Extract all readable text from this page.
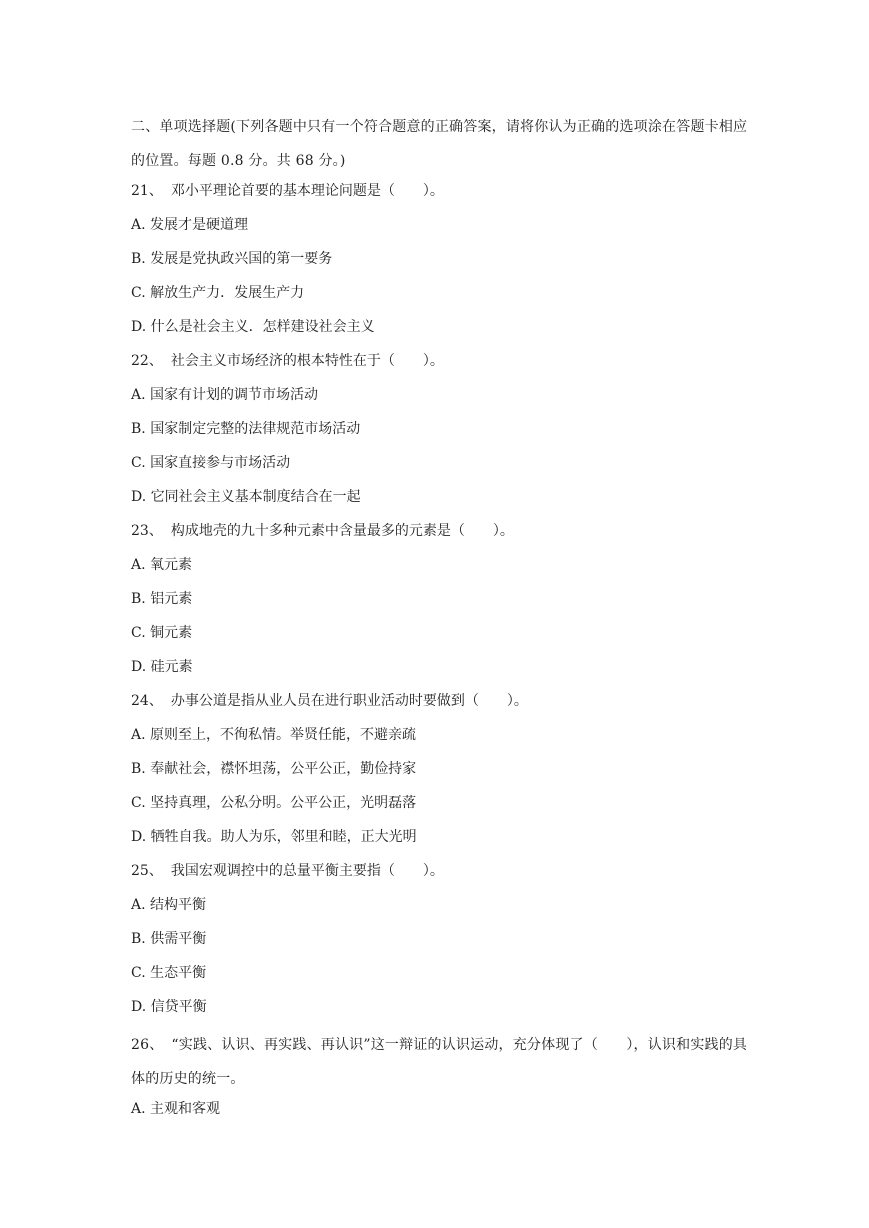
二、单项选择题(下列各题中只有一个符合题意的正确答案，请将你认为正确的选项涂在答题卡相应的位置。每题 0.8 分。共 68 分。)
21、 邓小平理论首要的基本理论问题是（　　）。
A. 发展才是硬道理
B. 发展是党执政兴国的第一要务
C. 解放生产力．发展生产力
D. 什么是社会主义．怎样建设社会主义
22、 社会主义市场经济的根本特性在于（　　）。
A. 国家有计划的调节市场活动
B. 国家制定完整的法律规范市场活动
C. 国家直接参与市场活动
D. 它同社会主义基本制度结合在一起
23、 构成地壳的九十多种元素中含量最多的元素是（　　）。
A. 氧元素
B. 铝元素
C. 铜元素
D. 硅元素
24、 办事公道是指从业人员在进行职业活动时要做到（　　）。
A. 原则至上，不徇私情。举贤任能，不避亲疏
B. 奉献社会，襟怀坦荡，公平公正，勤俭持家
C. 坚持真理，公私分明。公平公正，光明磊落
D. 牺牲自我。助人为乐，邻里和睦，正大光明
25、 我国宏观调控中的总量平衡主要指（　　）。
A. 结构平衡
B. 供需平衡
C. 生态平衡
D. 信贷平衡
26、 “实践、认识、再实践、再认识”这一辩证的认识运动，充分体现了（　　），认识和实践的具体的历史的统一。
A. 主观和客观
